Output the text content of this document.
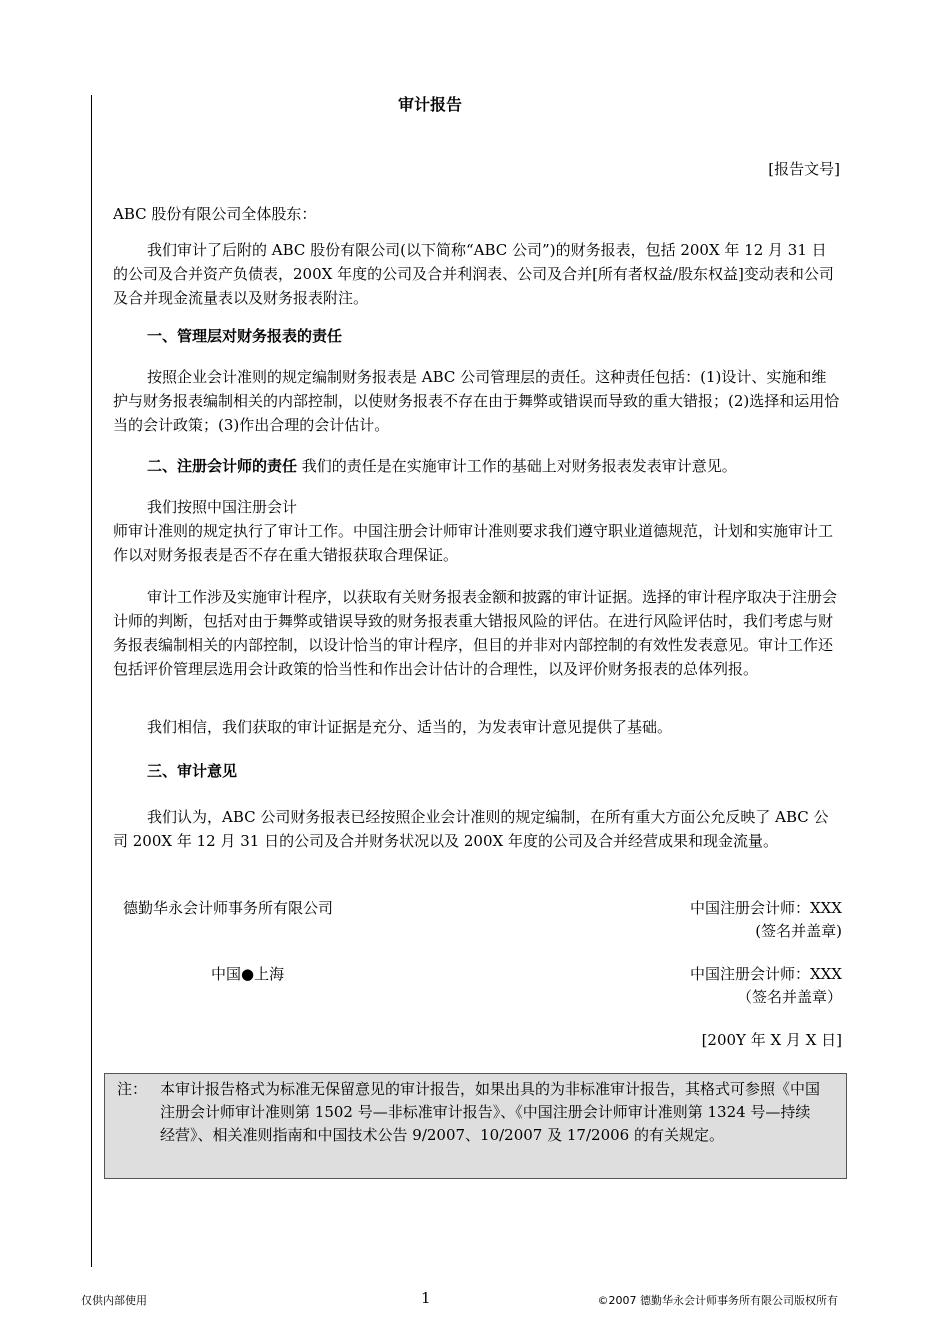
审计报告
[报告文号]
ABC 股份有限公司全体股东：

我们审计了后附的 ABC 股份有限公司(以下简称“ABC 公司”)的财务报表，包括 200X 年 12 月 31 日的公司及合并资产负债表，200X 年度的公司及合并利润表、公司及合并[所有者权益/股东权益]变动表和公司及合并现金流量表以及财务报表附注。

一、管理层对财务报表的责任

按照企业会计准则的规定编制财务报表是 ABC 公司管理层的责任。这种责任包括：(1)设计、实施和维护与财务报表编制相关的内部控制，以使财务报表不存在由于舞弊或错误而导致的重大错报；(2)选择和运用恰当的会计政策；(3)作出合理的会计估计。

二、注册会计师的责任 我们的责任是在实施审计工作的基础上对财务报表发表审计意见。

我们按照中国注册会计

师审计准则的规定执行了审计工作。中国注册会计师审计准则要求我们遵守职业道德规范，计划和实施审计工作以对财务报表是否不存在重大错报获取合理保证。

审计工作涉及实施审计程序，以获取有关财务报表金额和披露的审计证据。选择的审计程序取决于注册会计师的判断，包括对由于舞弊或错误导致的财务报表重大错报风险的评估。在进行风险评估时，我们考虑与财务报表编制相关的内部控制，以设计恰当的审计程序，但目的并非对内部控制的有效性发表意见。审计工作还包括评价管理层选用会计政策的恰当性和作出会计估计的合理性，以及评价财务报表的总体列报。

我们相信，我们获取的审计证据是充分、适当的，为发表审计意见提供了基础。

三、审计意见

我们认为，ABC 公司财务报表已经按照企业会计准则的规定编制，在所有重大方面公允反映了 ABC 公司 200X 年 12 月 31 日的公司及合并财务状况以及 200X 年度的公司及合并经营成果和现金流量。

德勤华永会计师事务所有限公司	中国注册会计师：XXX
(签名并盖章)
中国●上海	中国注册会计师：XXX
（签名并盖章）
[200Y 年 X 月 X 日]
注： 本审计报告格式为标准无保留意见的审计报告，如果出具的为非标准审计报告，其格式可参照《中国注册会计师审计准则第 1502 号—非标准审计报告》、《中国注册会计师审计准则第 1324 号—持续经营》、相关准则指南和中国技术公告 9/2007、10/2007 及 17/2006 的有关规定。
仅供内部使用	1	©2007 德勤华永会计师事务所有限公司版权所有
